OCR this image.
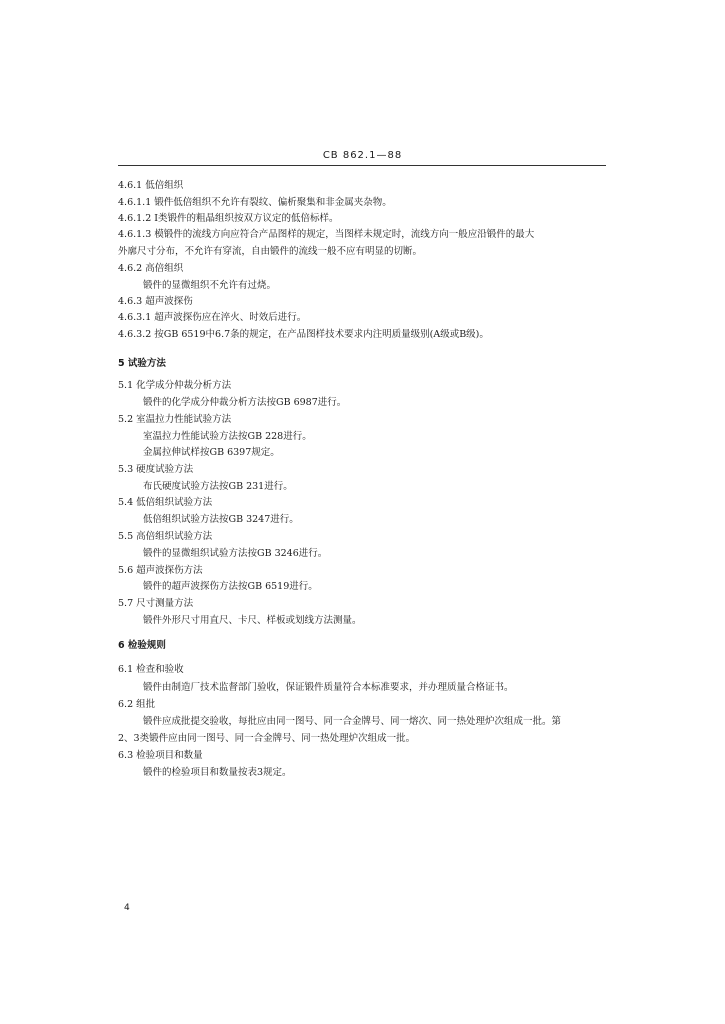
CB 862.1—88
4.6.1 低倍组织
4.6.1.1 锻件低倍组织不允许有裂纹、偏析聚集和非金属夹杂物。
4.6.1.2 I类锻件的粗晶组织按双方议定的低倍标样。
4.6.1.3 模锻件的流线方向应符合产品图样的规定，当图样未规定时，流线方向一般应沿锻件的最大
外廓尺寸分布，不允许有穿流，自由锻件的流线一般不应有明显的切断。
4.6.2 高倍组织
锻件的显微组织不允许有过烧。
4.6.3 超声波探伤
4.6.3.1 超声波探伤应在淬火、时效后进行。
4.6.3.2 按GB 6519中6.7条的规定，在产品图样技术要求内注明质量级别(A级或B级)。
5 试验方法
5.1 化学成分仲裁分析方法
锻件的化学成分仲裁分析方法按GB 6987进行。
5.2 室温拉力性能试验方法
室温拉力性能试验方法按GB 228进行。
金属拉伸试样按GB 6397规定。
5.3 硬度试验方法
布氏硬度试验方法按GB 231进行。
5.4 低倍组织试验方法
低倍组织试验方法按GB 3247进行。
5.5 高倍组织试验方法
锻件的显微组织试验方法按GB 3246进行。
5.6 超声波探伤方法
锻件的超声波探伤方法按GB 6519进行。
5.7 尺寸测量方法
锻件外形尺寸用直尺、卡尺、样板或划线方法测量。
6 检验规则
6.1 检查和验收
锻件由制造厂技术监督部门验收，保证锻件质量符合本标准要求，并办理质量合格证书。
6.2 组批
锻件应成批提交验收，每批应由同一图号、同一合金牌号、同一熔次、同一热处理炉次组成一批。第
2、3类锻件应由同一图号、同一合金牌号、同一热处理炉次组成一批。
6.3 检验项目和数量
锻件的检验项目和数量按表3规定。
4
